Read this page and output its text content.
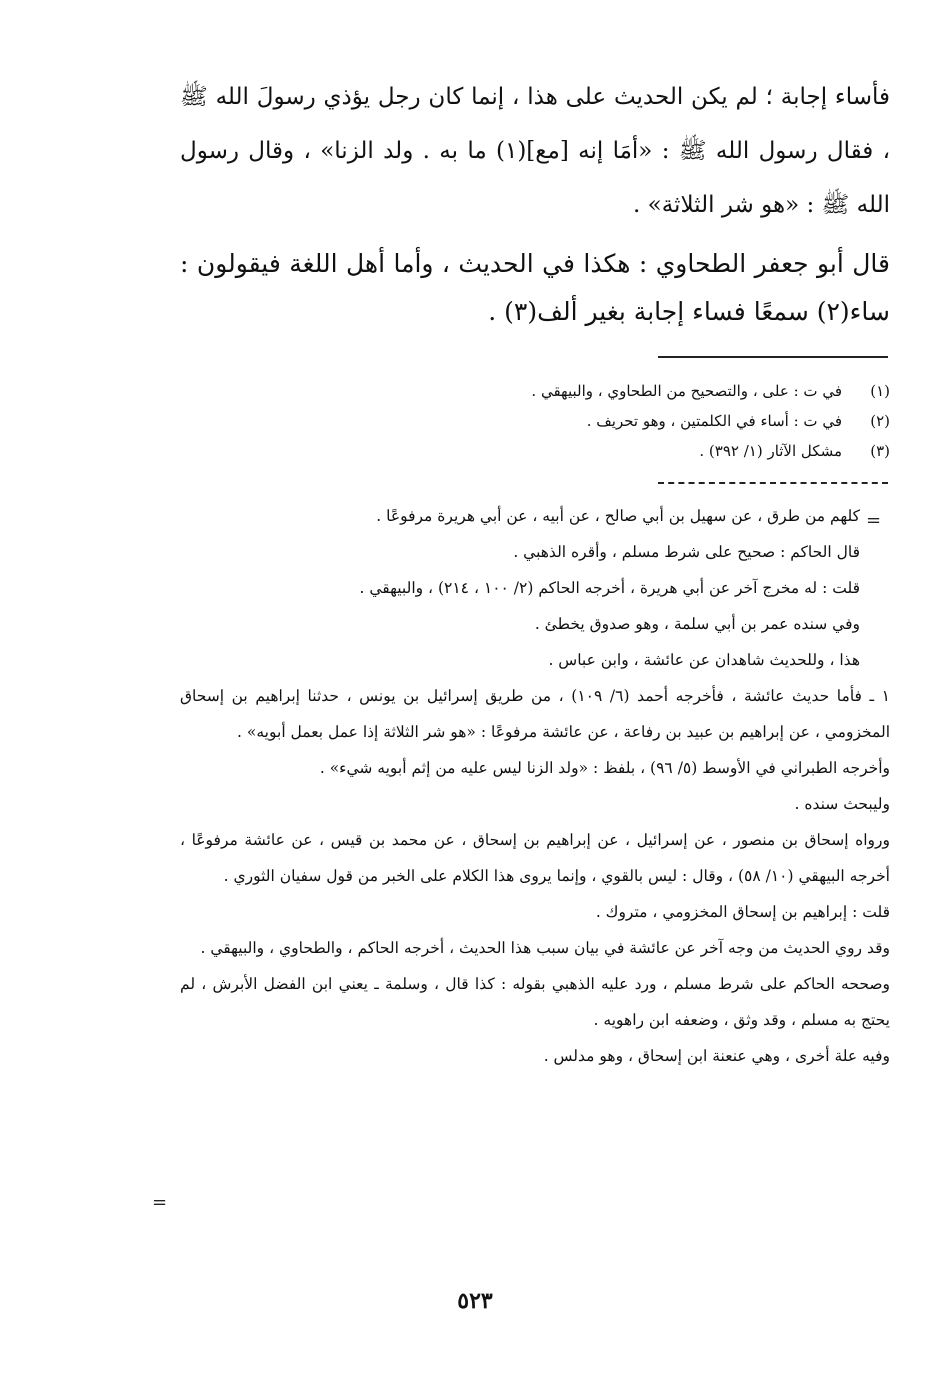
فأساء إجابة ؛ لم يكن الحديث على هذا ، إنما كان رجل يؤذي رسولَ الله ﷺ ، فقال رسول الله ﷺ : «أمَا إنه [مع](١) ما به . ولد الزنا» ، وقال رسول الله ﷺ : «هو شر الثلاثة» .
قال أبو جعفر الطحاوي : هكذا في الحديث ، وأما أهل اللغة فيقولون : ساء(٢) سمعًا فساء إجابة بغير ألف(٣) .
(١)
في ت : على ، والتصحيح من الطحاوي ، والبيهقي .
(٢)
في ت : أساء في الكلمتين ، وهو تحريف .
(٣)
مشكل الآثار (١/ ٣٩٢) .
=
كلهم من طرق ، عن سهيل بن أبي صالح ، عن أبيه ، عن أبي هريرة مرفوعًا .
قال الحاكم : صحيح على شرط مسلم ، وأقره الذهبي .
قلت : له مخرج آخر عن أبي هريرة ، أخرجه الحاكم (٢/ ١٠٠ ، ٢١٤) ، والبيهقي .
وفي سنده عمر بن أبي سلمة ، وهو صدوق يخطئ .
هذا ، وللحديث شاهدان عن عائشة ، وابن عباس .
١ ـ فأما حديث عائشة ، فأخرجه أحمد (٦/ ١٠٩) ، من طريق إسرائيل بن يونس ، حدثنا إبراهيم بن إسحاق المخزومي ، عن إبراهيم بن عبيد بن رفاعة ، عن عائشة مرفوعًا : «هو شر الثلاثة إذا عمل بعمل أبويه» .
وأخرجه الطبراني في الأوسط (٥/ ٩٦) ، بلفظ : «ولد الزنا ليس عليه من إثم أبويه شيء» .
وليبحث سنده .
ورواه إسحاق بن منصور ، عن إسرائيل ، عن إبراهيم بن إسحاق ، عن محمد بن قيس ، عن عائشة مرفوعًا ، أخرجه البيهقي (١٠/ ٥٨) ، وقال : ليس بالقوي ، وإنما يروى هذا الكلام على الخبر من قول سفيان الثوري .
قلت : إبراهيم بن إسحاق المخزومي ، متروك .
وقد روي الحديث من وجه آخر عن عائشة في بيان سبب هذا الحديث ، أخرجه الحاكم ، والطحاوي ، والبيهقي .
وصححه الحاكم على شرط مسلم ، ورد عليه الذهبي بقوله : كذا قال ، وسلمة ـ يعني ابن الفضل الأبرش ، لم يحتج به مسلم ، وقد وثق ، وضعفه ابن راهويه .
وفيه علة أخرى ، وهي عنعنة ابن إسحاق ، وهو مدلس .
=
٥٢٣
